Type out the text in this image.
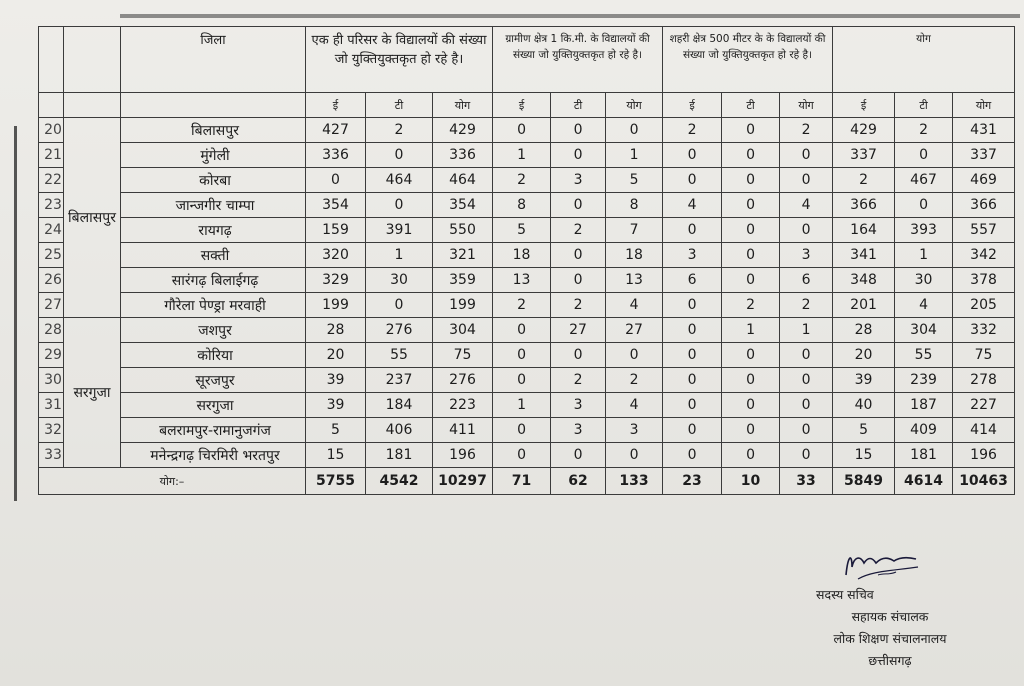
		जिला	एक ही परिसर के विद्यालयों की संख्या जो युक्तियुक्तकृत हो रहे है।			ग्रामीण क्षेत्र 1 कि.मी. के विद्यालयों की संख्या जो युक्तियुक्तकृत हो रहे है।			शहरी क्षेत्र 500 मीटर के के विद्यालयों की संख्या जो युक्तियुक्तकृत हो रहे है।			योग		
			ई	टी	योग	ई	टी	योग	ई	टी	योग	ई	टी	योग
20	बिलासपुर	बिलासपुर	427	2	429	0	0	0	2	0	2	429	2	431
21		मुंगेली	336	0	336	1	0	1	0	0	0	337	0	337
22		कोरबा	0	464	464	2	3	5	0	0	0	2	467	469
23		जान्जगीर चाम्पा	354	0	354	8	0	8	4	0	4	366	0	366
24		रायगढ़	159	391	550	5	2	7	0	0	0	164	393	557
25		सक्ती	320	1	321	18	0	18	3	0	3	341	1	342
26		सारंगढ़ बिलाईगढ़	329	30	359	13	0	13	6	0	6	348	30	378
27		गौरेला पेण्ड्रा मरवाही	199	0	199	2	2	4	0	2	2	201	4	205
28	सरगुजा	जशपुर	28	276	304	0	27	27	0	1	1	28	304	332
29		कोरिया	20	55	75	0	0	0	0	0	0	20	55	75
30		सूरजपुर	39	237	276	0	2	2	0	0	0	39	239	278
31		सरगुजा	39	184	223	1	3	4	0	0	0	40	187	227
32		बलरामपुर-रामानुजगंज	5	406	411	0	3	3	0	0	0	5	409	414
33		मनेन्द्रगढ़ चिरमिरी भरतपुर	15	181	196	0	0	0	0	0	0	15	181	196
योग:–			5755	4542	10297	71	62	133	23	10	33	5849	4614	10463
सदस्य सचिव
सहायक संचालक
लोक शिक्षण संचालनालय
छत्तीसगढ़
